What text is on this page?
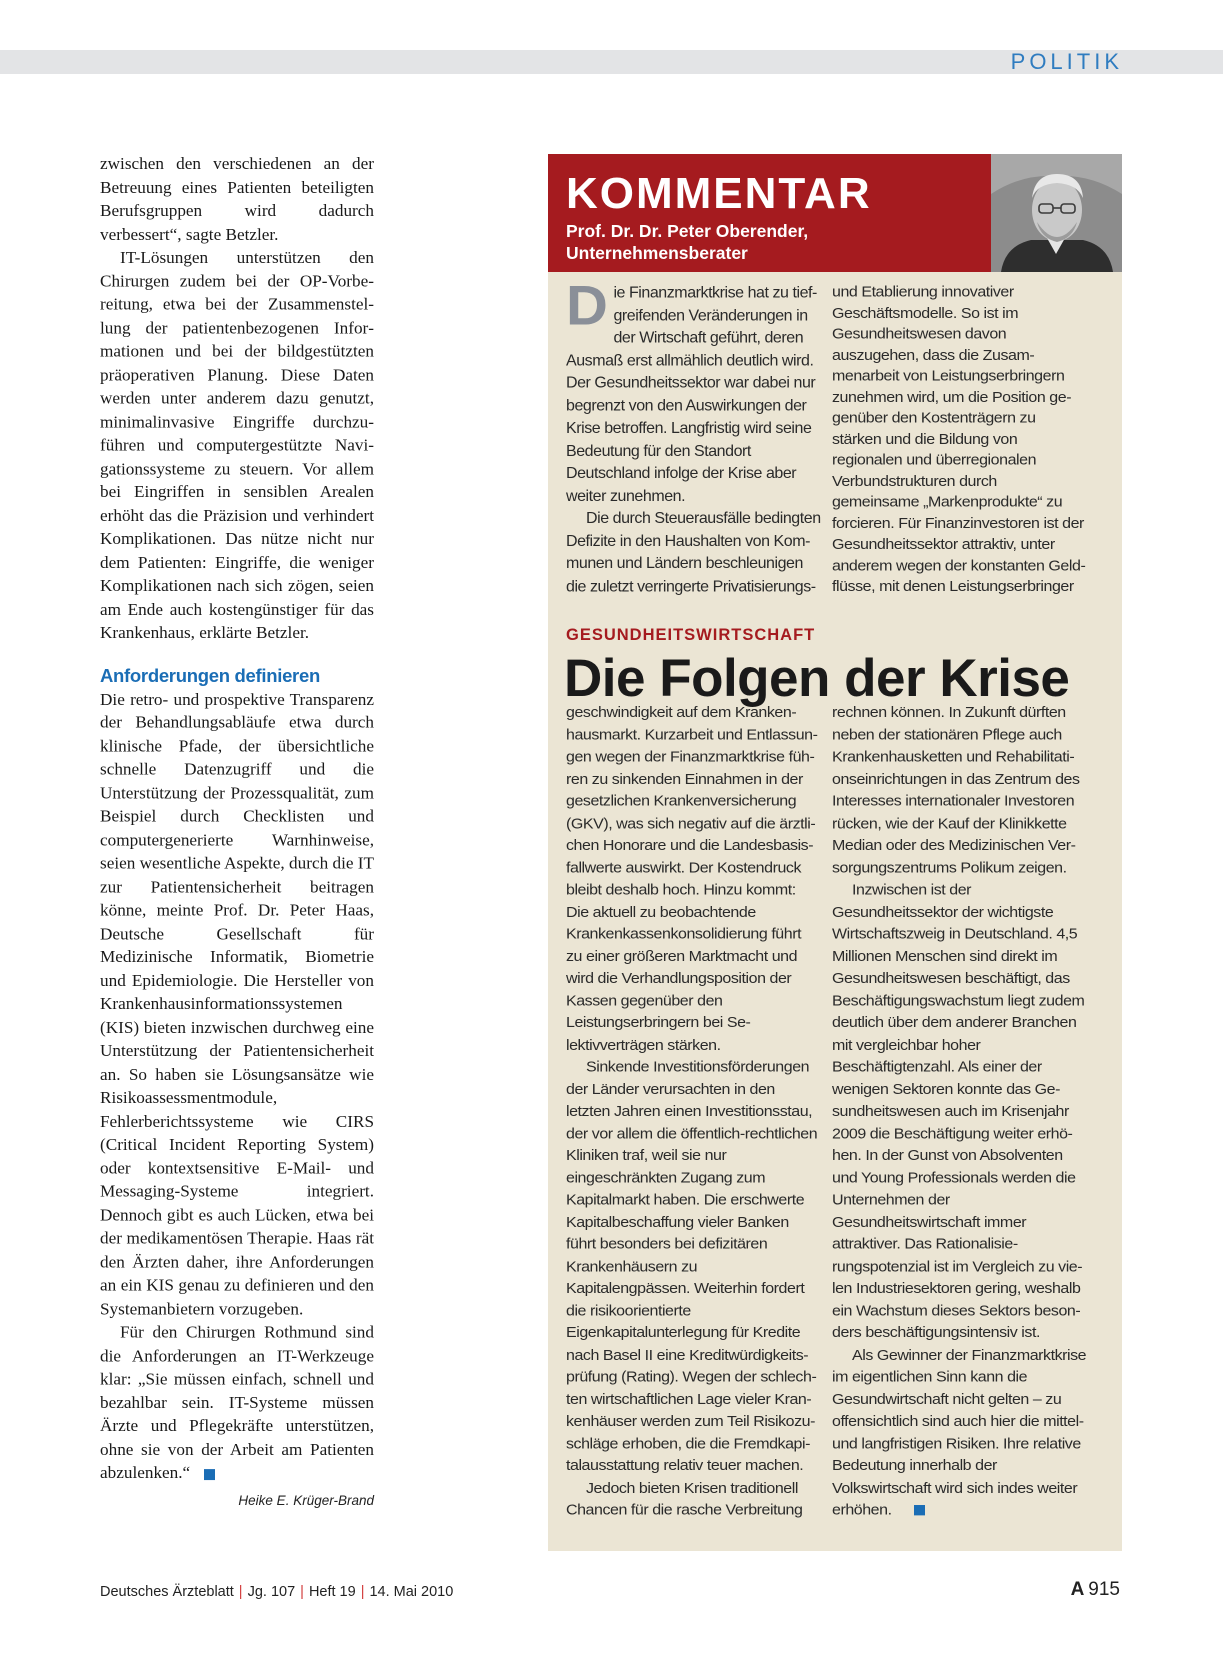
POLITIK

zwischen den verschiedenen an der Betreuung eines Patienten beteiligten Berufsgruppen wird dadurch verbessert“, sagte Betzler.

IT-Lösungen unterstützen den Chirurgen zudem bei der OP-Vorbereitung, etwa bei der Zusammenstellung der patientenbezogenen Informationen und bei der bildgestützten präoperativen Planung. Diese Daten werden unter anderem dazu genutzt, minimalinvasive Eingriffe durchzuführen und computergestützte Navigationssysteme zu steuern. Vor allem bei Eingriffen in sensiblen Arealen erhöht das die Präzision und verhindert Komplikationen. Das nütze nicht nur dem Patienten: Eingriffe, die weniger Komplikationen nach sich zögen, seien am Ende auch kostengünstiger für das Krankenhaus, erklärte Betzler.

Anforderungen definieren

Die retro- und prospektive Transparenz der Behandlungsabläufe etwa durch klinische Pfade, der übersichtliche schnelle Datenzugriff und die Unterstützung der Prozessqualität, zum Beispiel durch Checklisten und computergenerierte Warnhinweise, seien wesentliche Aspekte, durch die IT zur Patientensicherheit beitragen könne, meinte Prof. Dr. Peter Haas, Deutsche Gesellschaft für Medizinische Informatik, Biometrie und Epidemiologie. Die Hersteller von Krankenhausinformationssystemen (KIS) bieten inzwischen durchweg eine Unterstützung der Patientensicherheit an. So haben sie Lösungsansätze wie Risikoassessmentmodule, Fehlerberichtssysteme wie CIRS (Critical Incident Reporting System) oder kontextsensitive E-Mail- und Messaging-Systeme integriert. Dennoch gibt es auch Lücken, etwa bei der medikamentösen Therapie. Haas rät den Ärzten daher, ihre Anforderungen an ein KIS genau zu definieren und den Systemanbietern vorzugeben.

Für den Chirurgen Rothmund sind die Anforderungen an IT-Werkzeuge klar: „Sie müssen einfach, schnell und bezahlbar sein. IT-Systeme müssen Ärzte und Pflegekräfte unterstützen, ohne sie von der Arbeit am Patienten abzulenken.“

Heike E. Krüger-Brand
KOMMENTAR
Prof. Dr. Dr. Peter Oberender, Unternehmensberater

Die Finanzmarktkrise hat zu tiefgreifenden Veränderungen in der Wirtschaft geführt, deren Ausmaß erst allmählich deutlich wird. Der Gesundheitssektor war dabei nur begrenzt von den Auswirkungen der Krise betroffen. Langfristig wird seine Bedeutung für den Standort Deutschland infolge der Krise aber weiter zunehmen.

Die durch Steuerausfälle bedingten Defizite in den Haushalten von Kommunen und Ländern beschleunigen die zuletzt verringerte Privatisierungs-

und Etablierung innovativer Geschäftsmodelle. So ist im Gesundheitswesen davon auszugehen, dass die Zusammenarbeit von Leistungserbringern zunehmen wird, um die Position gegenüber den Kostenträgern zu stärken und die Bildung von regionalen und überregionalen Verbundstrukturen durch gemeinsame „Markenprodukte“ zu forcieren. Für Finanzinvestoren ist der Gesundheitssektor attraktiv, unter anderem wegen der konstanten Geldflüsse, mit denen Leistungserbringer

GESUNDHEITSWIRTSCHAFT
Die Folgen der Krise

geschwindigkeit auf dem Krankenhausmarkt. Kurzarbeit und Entlassungen wegen der Finanzmarktkrise führen zu sinkenden Einnahmen in der gesetzlichen Krankenversicherung (GKV), was sich negativ auf die ärztlichen Honorare und die Landesbasisfallwerte auswirkt. Der Kostendruck bleibt deshalb hoch. Hinzu kommt: Die aktuell zu beobachtende Krankenkassenkonsolidierung führt zu einer größeren Marktmacht und wird die Verhandlungsposition der Kassen gegenüber den Leistungserbringern bei Selektivverträgen stärken.

Sinkende Investitionsförderungen der Länder verursachten in den letzten Jahren einen Investitionsstau, der vor allem die öffentlich-rechtlichen Kliniken traf, weil sie nur eingeschränkten Zugang zum Kapitalmarkt haben. Die erschwerte Kapitalbeschaffung vieler Banken führt besonders bei defizitären Krankenhäusern zu Kapitalengpässen. Weiterhin fordert die risikoorientierte Eigenkapitalunterlegung für Kredite nach Basel II eine Kreditwürdigkeitsprüfung (Rating). Wegen der schlechten wirtschaftlichen Lage vieler Krankenhäuser werden zum Teil Risikozuschläge erhoben, die die Fremdkapitalausstattung relativ teuer machen.

Jedoch bieten Krisen traditionell Chancen für die rasche Verbreitung

rechnen können. In Zukunft dürften neben der stationären Pflege auch Krankenhausketten und Rehabilitationseinrichtungen in das Zentrum des Interesses internationaler Investoren rücken, wie der Kauf der Klinikkette Median oder des Medizinischen Versorgungszentrums Polikum zeigen.

Inzwischen ist der Gesundheitssektor der wichtigste Wirtschaftszweig in Deutschland. 4,5 Millionen Menschen sind direkt im Gesundheitswesen beschäftigt, das Beschäftigungswachstum liegt zudem deutlich über dem anderer Branchen mit vergleichbar hoher Beschäftigtenzahl. Als einer der wenigen Sektoren konnte das Gesundheitswesen auch im Krisenjahr 2009 die Beschäftigung weiter erhöhen. In der Gunst von Absolventen und Young Professionals werden die Unternehmen der Gesundheitswirtschaft immer attraktiver. Das Rationalisierungspotenzial ist im Vergleich zu vielen Industriesektoren gering, weshalb ein Wachstum dieses Sektors besonders beschäftigungsintensiv ist.

Als Gewinner der Finanzmarktkrise im eigentlichen Sinn kann die Gesundwirtschaft nicht gelten – zu offensichtlich sind auch hier die mittel- und langfristigen Risiken. Ihre relative Bedeutung innerhalb der Volkswirtschaft wird sich indes weiter erhöhen.

Deutsches Ärzteblatt | Jg. 107 | Heft 19 | 14. Mai 2010	A 915
